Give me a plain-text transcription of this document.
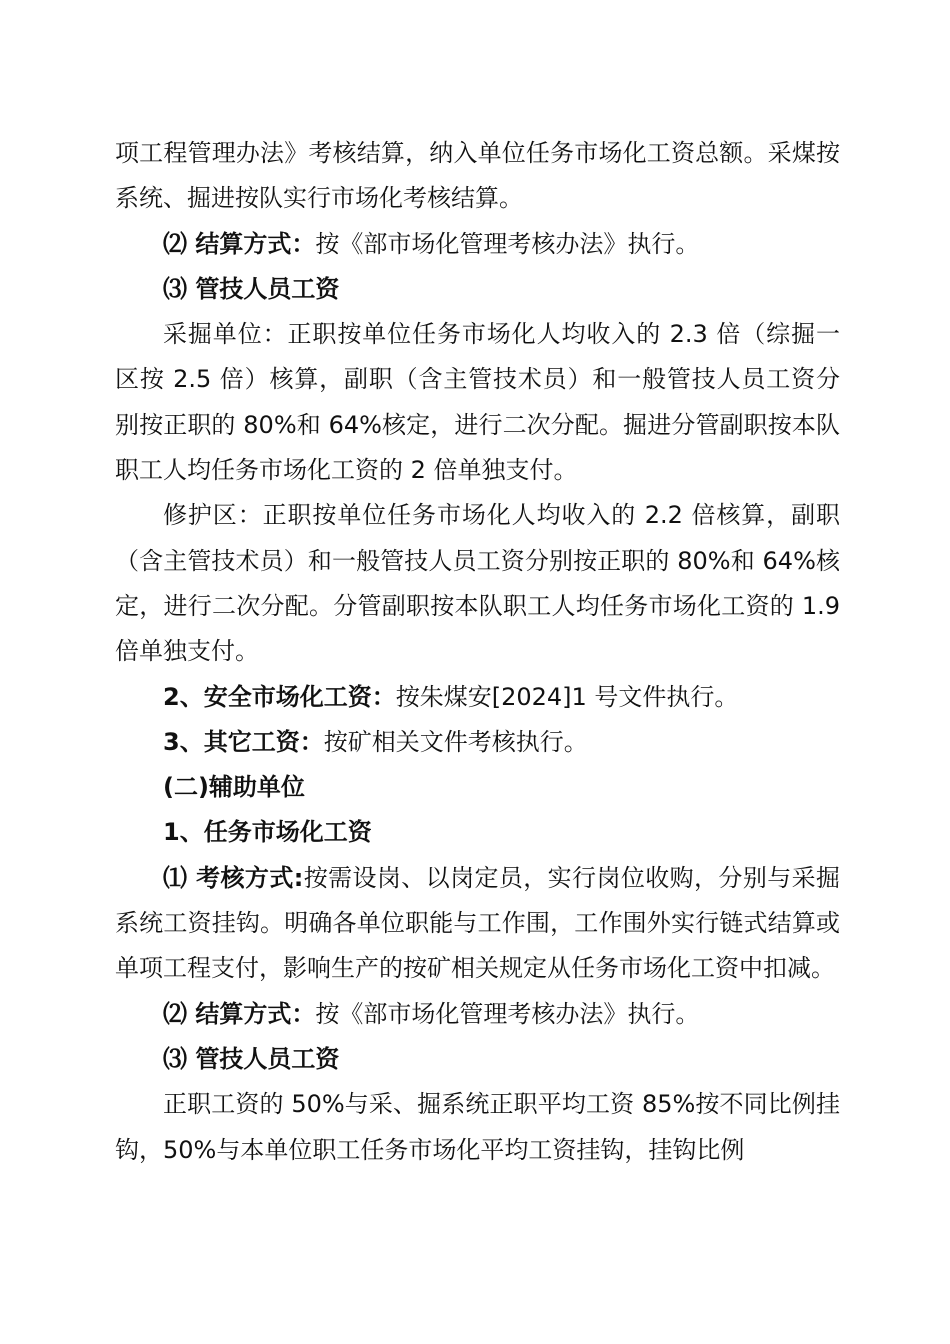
项工程管理办法》考核结算，纳入单位任务市场化工资总额。采煤按系统、掘进按队实行市场化考核结算。

⑵ 结算方式：按《部市场化管理考核办法》执行。

⑶ 管技人员工资

采掘单位：正职按单位任务市场化人均收入的 2.3 倍（综掘一区按 2.5 倍）核算，副职（含主管技术员）和一般管技人员工资分别按正职的 80%和 64%核定，进行二次分配。掘进分管副职按本队职工人均任务市场化工资的 2 倍单独支付。

修护区：正职按单位任务市场化人均收入的 2.2 倍核算，副职（含主管技术员）和一般管技人员工资分别按正职的 80%和 64%核定，进行二次分配。分管副职按本队职工人均任务市场化工资的 1.9 倍单独支付。

2、安全市场化工资：按朱煤安[2024]1 号文件执行。

3、其它工资：按矿相关文件考核执行。

(二)辅助单位

1、任务市场化工资

⑴ 考核方式:按需设岗、以岗定员，实行岗位收购，分别与采掘系统工资挂钩。明确各单位职能与工作围，工作围外实行链式结算或单项工程支付，影响生产的按矿相关规定从任务市场化工资中扣减。

⑵ 结算方式：按《部市场化管理考核办法》执行。

⑶ 管技人员工资

正职工资的 50%与采、掘系统正职平均工资 85%按不同比例挂钩，50%与本单位职工任务市场化平均工资挂钩，挂钩比例
